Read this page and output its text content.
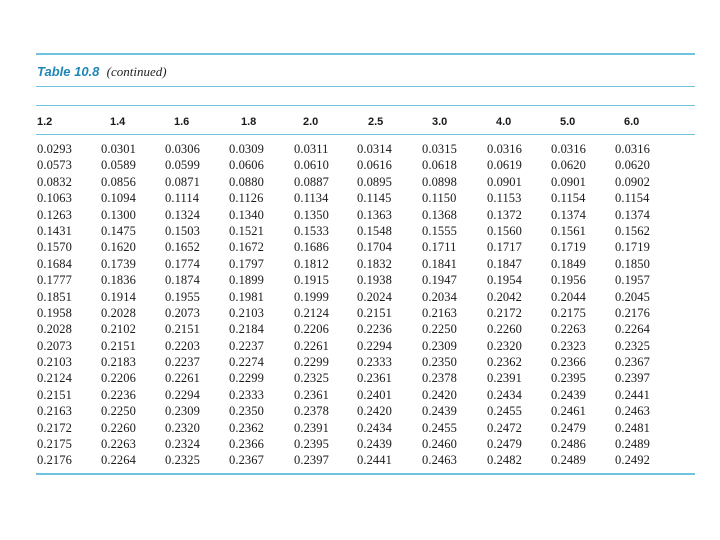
Table 10.8 (continued)
1.2	1.4	1.6	1.8	2.0	2.5	3.0	4.0	5.0	6.0
0.0293 0.0301 0.0306 0.0309 0.0311 0.0314 0.0315 0.0316 0.0316 0.0316
0.0573 0.0589 0.0599 0.0606 0.0610 0.0616 0.0618 0.0619 0.0620 0.0620
0.0832 0.0856 0.0871 0.0880 0.0887 0.0895 0.0898 0.0901 0.0901 0.0902
0.1063 0.1094 0.1114 0.1126 0.1134 0.1145 0.1150 0.1153 0.1154 0.1154
0.1263 0.1300 0.1324 0.1340 0.1350 0.1363 0.1368 0.1372 0.1374 0.1374
0.1431 0.1475 0.1503 0.1521 0.1533 0.1548 0.1555 0.1560 0.1561 0.1562
0.1570 0.1620 0.1652 0.1672 0.1686 0.1704 0.1711 0.1717 0.1719 0.1719
0.1684 0.1739 0.1774 0.1797 0.1812 0.1832 0.1841 0.1847 0.1849 0.1850
0.1777 0.1836 0.1874 0.1899 0.1915 0.1938 0.1947 0.1954 0.1956 0.1957
0.1851 0.1914 0.1955 0.1981 0.1999 0.2024 0.2034 0.2042 0.2044 0.2045
0.1958 0.2028 0.2073 0.2103 0.2124 0.2151 0.2163 0.2172 0.2175 0.2176
0.2028 0.2102 0.2151 0.2184 0.2206 0.2236 0.2250 0.2260 0.2263 0.2264
0.2073 0.2151 0.2203 0.2237 0.2261 0.2294 0.2309 0.2320 0.2323 0.2325
0.2103 0.2183 0.2237 0.2274 0.2299 0.2333 0.2350 0.2362 0.2366 0.2367
0.2124 0.2206 0.2261 0.2299 0.2325 0.2361 0.2378 0.2391 0.2395 0.2397
0.2151 0.2236 0.2294 0.2333 0.2361 0.2401 0.2420 0.2434 0.2439 0.2441
0.2163 0.2250 0.2309 0.2350 0.2378 0.2420 0.2439 0.2455 0.2461 0.2463
0.2172 0.2260 0.2320 0.2362 0.2391 0.2434 0.2455 0.2472 0.2479 0.2481
0.2175 0.2263 0.2324 0.2366 0.2395 0.2439 0.2460 0.2479 0.2486 0.2489
0.2176 0.2264 0.2325 0.2367 0.2397 0.2441 0.2463 0.2482 0.2489 0.2492
